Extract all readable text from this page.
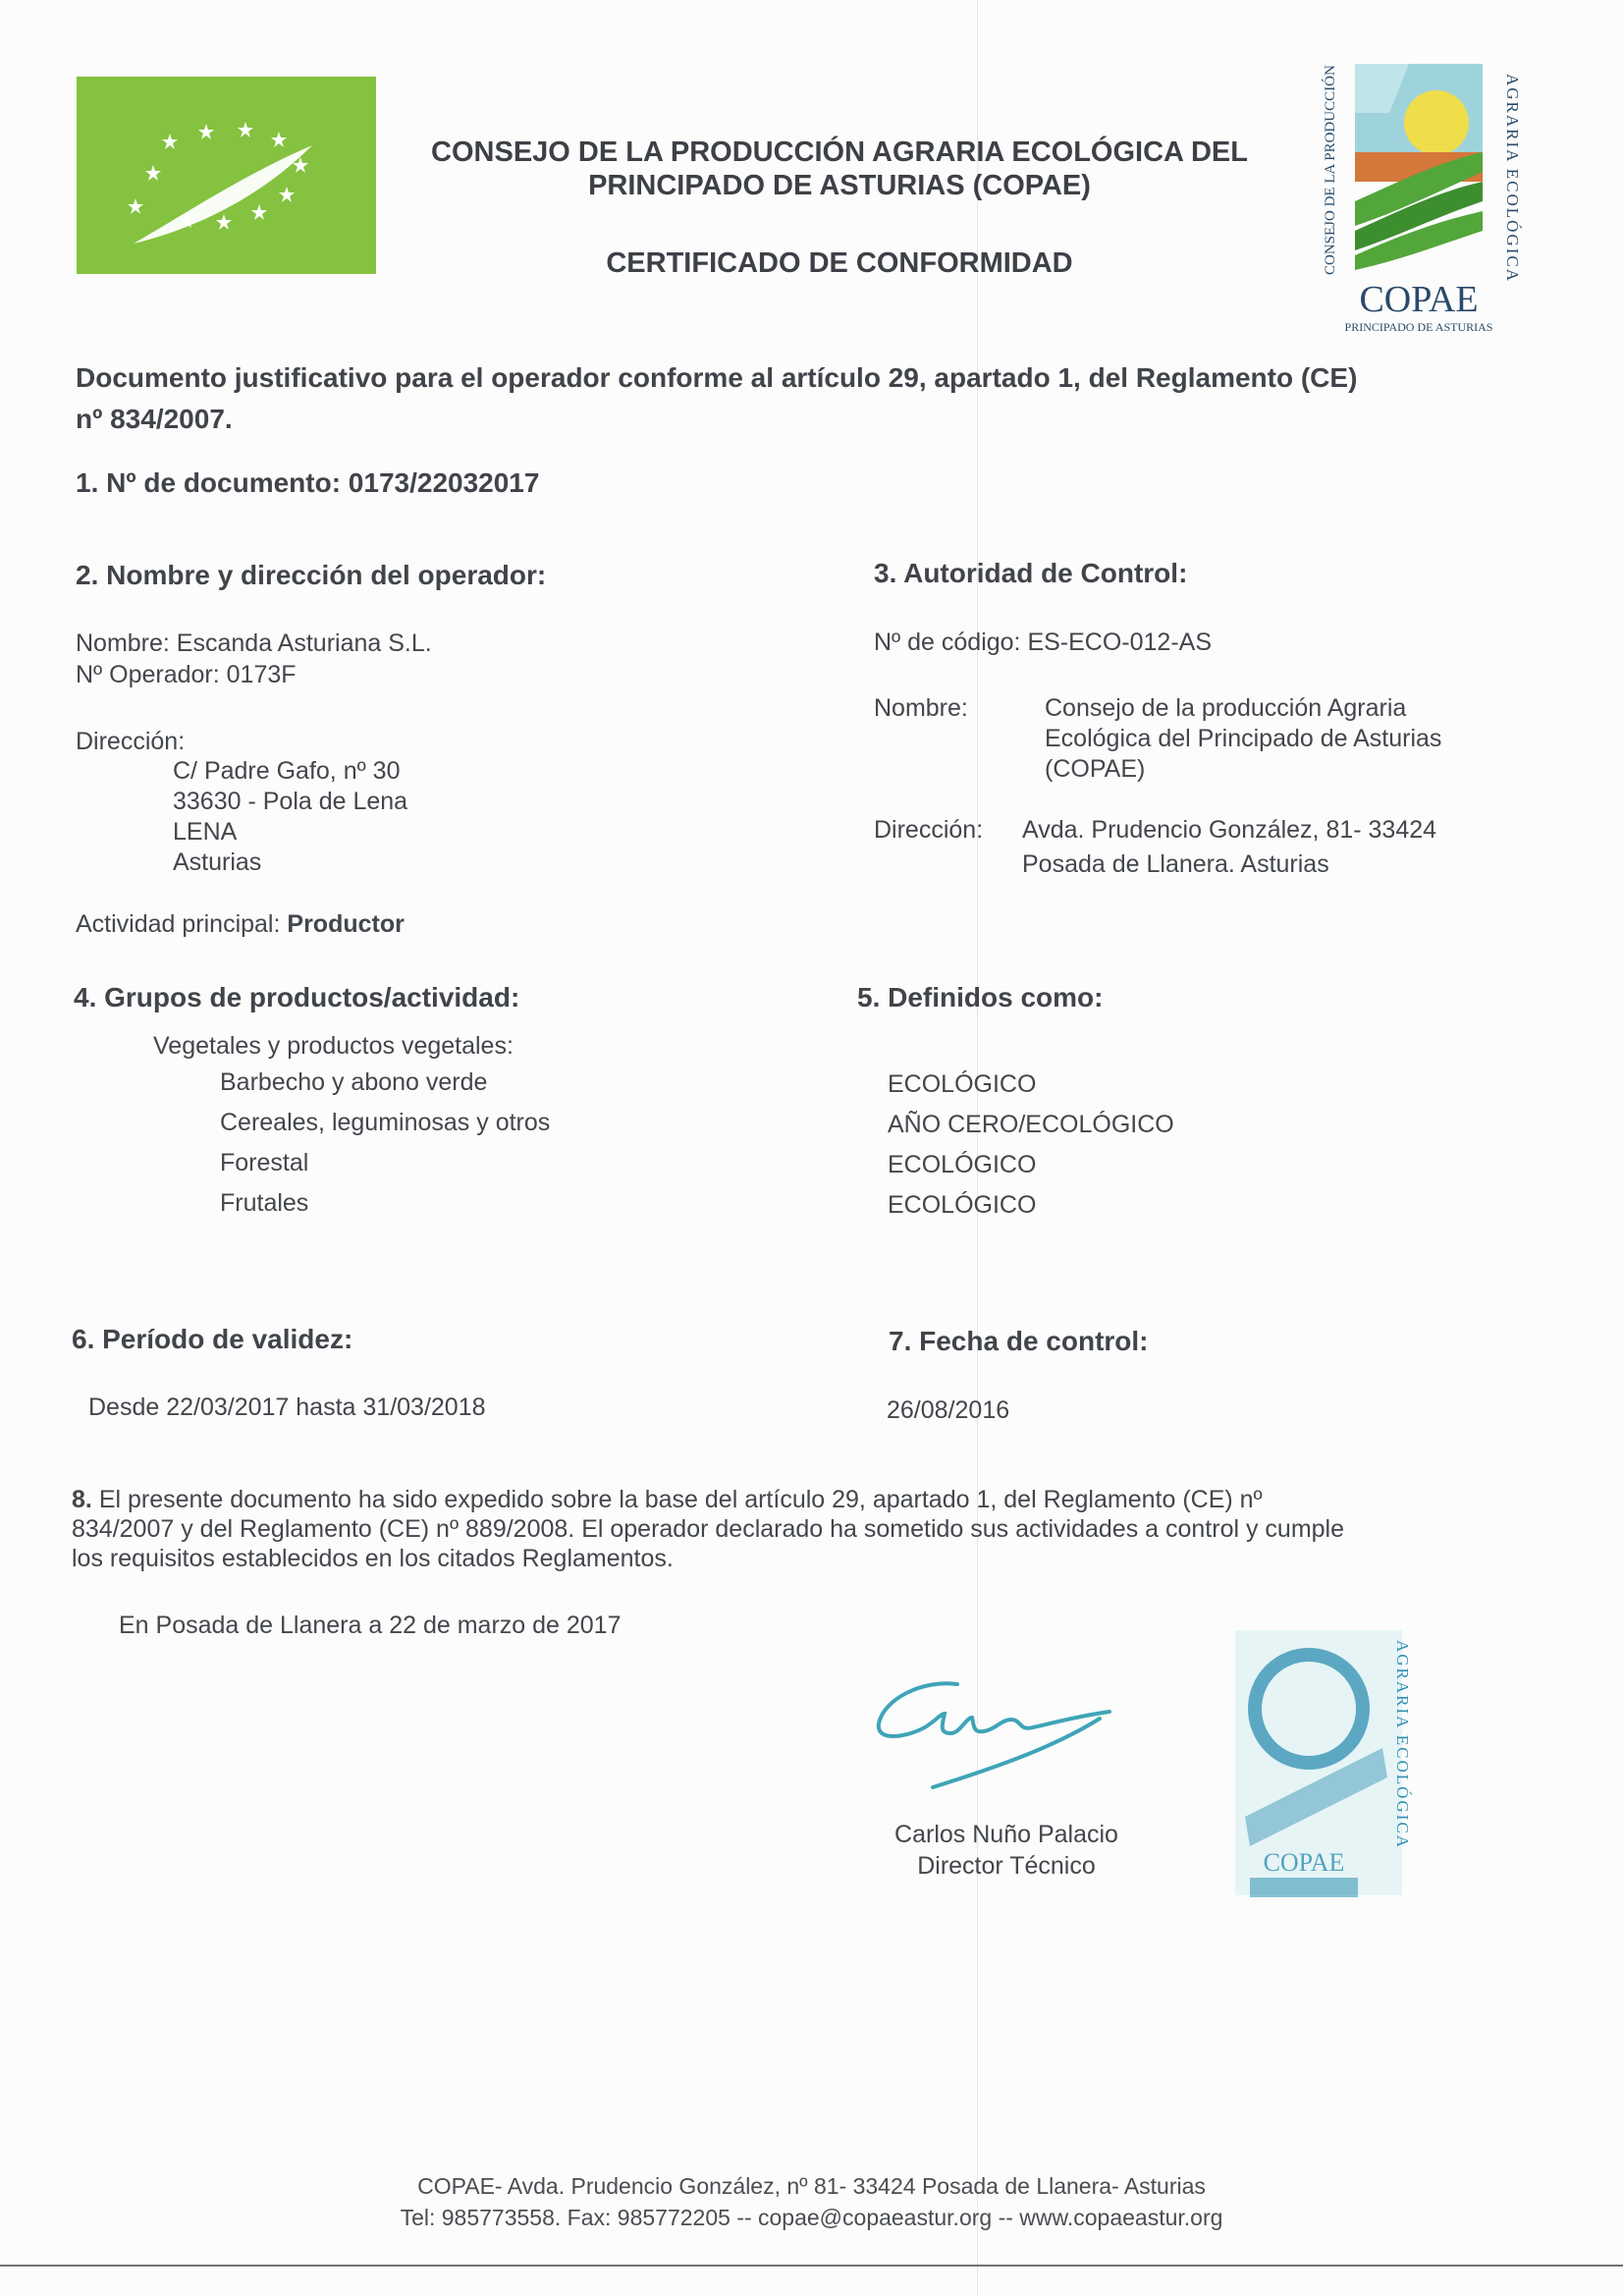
CONSEJO DE LA PRODUCCIÓN AGRARIA ECOLÓGICA DEL
PRINCIPADO DE ASTURIAS (COPAE)
CERTIFICADO DE CONFORMIDAD	CONSEJO DE LA PRODUCCIÓN	AGRARIA ECOLÓGICA
COPAE
PRINCIPADO DE ASTURIAS
Documento justificativo para el operador conforme al artículo 29, apartado 1, del Reglamento (CE)
nº 834/2007.
1. Nº de documento: 0173/22032017
2. Nombre y dirección del operador:
Nombre: Escanda Asturiana S.L.
Nº Operador: 0173F
Dirección:
C/ Padre Gafo, nº 30
33630 - Pola de Lena
LENA
Asturias
Actividad principal: Productor
3. Autoridad de Control:
Nº de código: ES-ECO-012-AS
Nombre:	Consejo de la producción Agraria
Ecológica del Principado de Asturias
(COPAE)
Dirección: Avda. Prudencio González, 81- 33424
Posada de Llanera. Asturias
4. Grupos de productos/actividad:
Vegetales y productos vegetales:
Barbecho y abono verde
Cereales, leguminosas y otros
Forestal
Frutales
5. Definidos como:
ECOLÓGICO
AÑO CERO/ECOLÓGICO
ECOLÓGICO
ECOLÓGICO
6. Período de validez:
Desde 22/03/2017 hasta 31/03/2018
7. Fecha de control:
26/08/2016
8. El presente documento ha sido expedido sobre la base del artículo 29, apartado 1, del Reglamento (CE) nº
834/2007 y del Reglamento (CE) nº 889/2008. El operador declarado ha sometido sus actividades a control y cumple
los requisitos establecidos en los citados Reglamentos.
En Posada de Llanera a 22 de marzo de 2017
Carlos Nuño Palacio
Director Técnico
AGRARIA ECOLÓGICA
COPAE
COPAE- Avda. Prudencio González, nº 81- 33424 Posada de Llanera- Asturias
Tel: 985773558. Fax: 985772205 -- copae@copaeastur.org -- www.copaeastur.org
